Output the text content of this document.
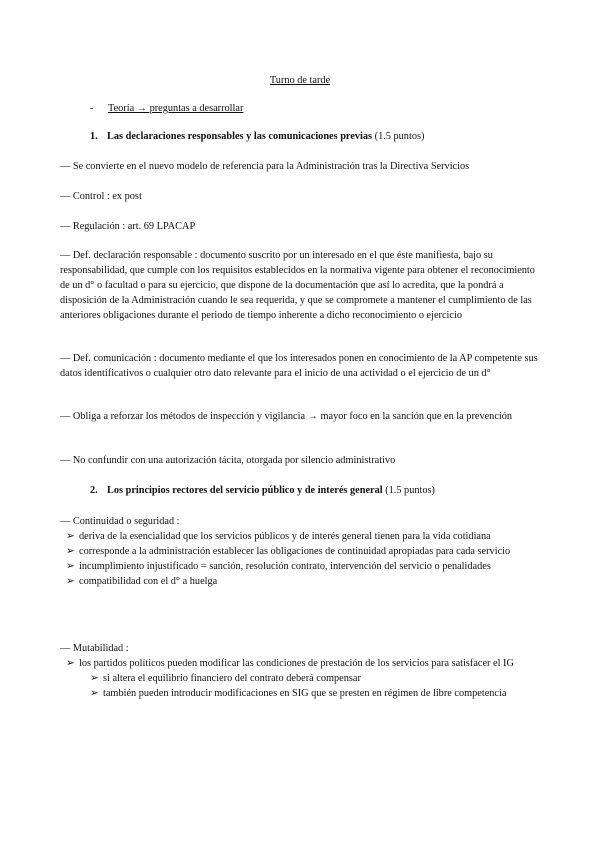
Turno de tarde
- Teoría → preguntas a desarrollar
1. Las declaraciones responsables y las comunicaciones previas (1.5 puntos)

— Se convierte en el nuevo modelo de referencia para la Administración tras la Directiva Servicios

— Control : ex post

— Regulación : art. 69 LPACAP

— Def. declaración responsable : documento suscrito por un interesado en el que éste manifiesta, bajo su responsabilidad, que cumple con los requisitos establecidos en la normativa vigente para obtener el reconocimiento de un d° o facultad o para su ejercicio, que dispone de la documentación que así lo acredita, que la pondrá a disposición de la Administración cuando le sea requerida, y que se compromete a mantener el cumplimiento de las anteriores obligaciones durante el periodo de tiempo inherente a dicho reconocimiento o ejercicio

— Def. comunicación : documento mediante el que los interesados ponen en conocimiento de la AP competente sus datos identificativos o cualquier otro dato relevante para el inicio de una actividad o el ejercicio de un d°

— Obliga a reforzar los métodos de inspección y vigilancia → mayor foco en la sanción que en la prevención

— No confundir con una autorización tácita, otorgada por silencio administrativo

2. Los principios rectores del servicio público y de interés general (1.5 puntos)
— Continuidad o seguridad :
➢ deriva de la esencialidad que los servicios públicos y de interés general tienen para la vida cotidiana
➢ corresponde a la administración establecer las obligaciones de continuidad apropiadas para cada servicio
➢ incumplimiento injustificado = sanción, resolución contrato, intervención del servicio o penalidades
➢ compatibilidad con el d° a huelga
— Mutabilidad :
➢ los partidos políticos pueden modificar las condiciones de prestación de los servicios para satisfacer el IG
➢ si altera el equilibrio financiero del contrato deberá compensar
➢ también pueden introducir modificaciones en SIG que se presten en régimen de libre competencia
